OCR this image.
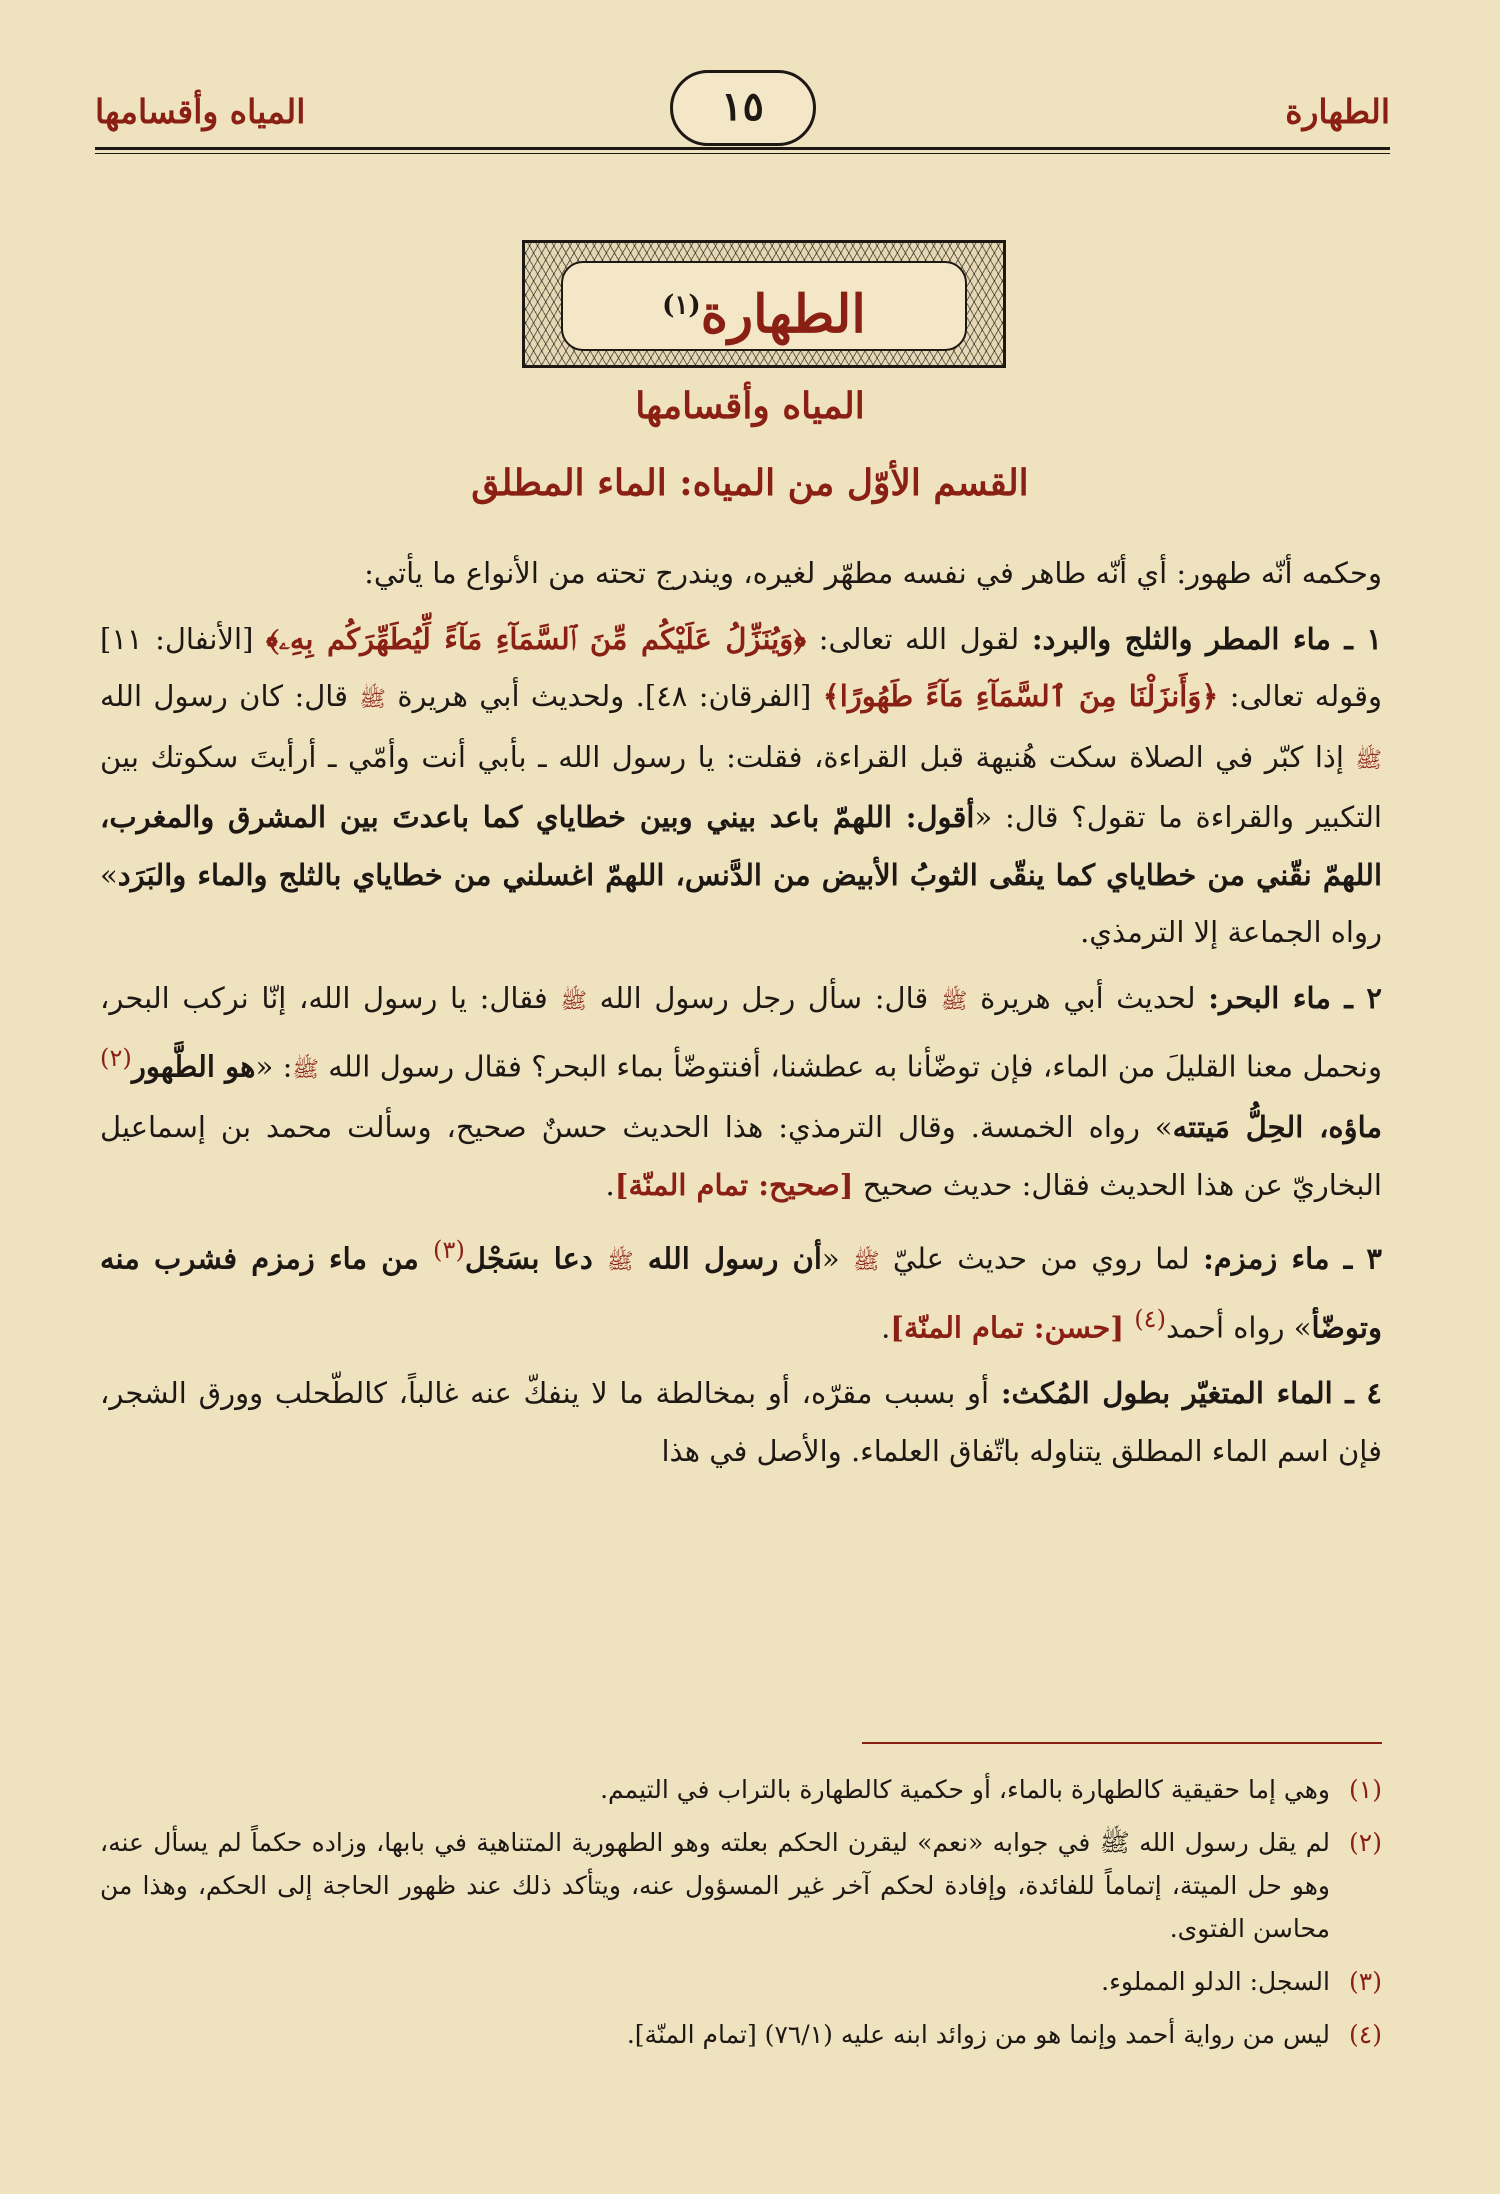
الطهارة
١٥
المياه وأقسامها
الطهارة$^{(١)}$
المياه وأقسامها
القسم الأوّل من المياه: الماء المطلق

وحكمه أنّه طهور: أي أنّه طاهر في نفسه مطهّر لغيره، ويندرج تحته من الأنواع ما يأتي:

١ ـ ماء المطر والثلج والبرد: لقول الله تعالى: ﴿وَيُنَزِّلُ عَلَيْكُم مِّنَ ٱلسَّمَآءِ مَآءً لِّيُطَهِّرَكُم بِهِۦ﴾ [الأنفال: ١١] وقوله تعالى: ﴿وَأَنزَلْنَا مِنَ ٱلسَّمَآءِ مَآءً طَهُورًا﴾ [الفرقان: ٤٨]. ولحديث أبي هريرة ﷺ قال: كان رسول الله ﷺ إذا كبّر في الصلاة سكت هُنيهة قبل القراءة، فقلت: يا رسول الله ـ بأبي أنت وأمّي ـ أرأيتَ سكوتك بين التكبير والقراءة ما تقول؟ قال: «أقول: اللهمّ باعد بيني وبين خطاياي كما باعدتَ بين المشرق والمغرب، اللهمّ نقّني من خطاياي كما ينقّى الثوبُ الأبيض من الدَّنس، اللهمّ اغسلني من خطاياي بالثلج والماء والبَرَد» رواه الجماعة إلا الترمذي.

٢ ـ ماء البحر: لحديث أبي هريرة ﷺ قال: سأل رجل رسول الله ﷺ فقال: يا رسول الله، إنّا نركب البحر، ونحمل معنا القليلَ من الماء، فإن توضّأنا به عطشنا، أفنتوضّأ بماء البحر؟ فقال رسول الله ﷺ: «هو الطَّهور$^{(٢)}$ ماؤه، الحِلُّ مَيتته» رواه الخمسة. وقال الترمذي: هذا الحديث حسنٌ صحيح، وسألت محمد بن إسماعيل البخاريّ عن هذا الحديث فقال: حديث صحيح [صحيح: تمام المنّة].

٣ ـ ماء زمزم: لما روي من حديث عليّ ﷺ «أن رسول الله ﷺ دعا بسَجْل$^{(٣)}$ من ماء زمزم فشرب منه وتوضّأ» رواه أحمد$^{(٤)}$ [حسن: تمام المنّة].

٤ ـ الماء المتغيّر بطول المُكث: أو بسبب مقرّه، أو بمخالطة ما لا ينفكّ عنه غالباً، كالطّحلب وورق الشجر، فإن اسم الماء المطلق يتناوله باتّفاق العلماء. والأصل في هذا

(١)
وهي إما حقيقية كالطهارة بالماء، أو حكمية كالطهارة بالتراب في التيمم.
(٢)
لم يقل رسول الله ﷺ في جوابه «نعم» ليقرن الحكم بعلته وهو الطهورية المتناهية في بابها، وزاده حكماً لم يسأل عنه، وهو حل الميتة، إتماماً للفائدة، وإفادة لحكم آخر غير المسؤول عنه، ويتأكد ذلك عند ظهور الحاجة إلى الحكم، وهذا من محاسن الفتوى.
(٣)
السجل: الدلو المملوء.
(٤)
ليس من رواية أحمد وإنما هو من زوائد ابنه عليه (٧٦/١) [تمام المنّة].
